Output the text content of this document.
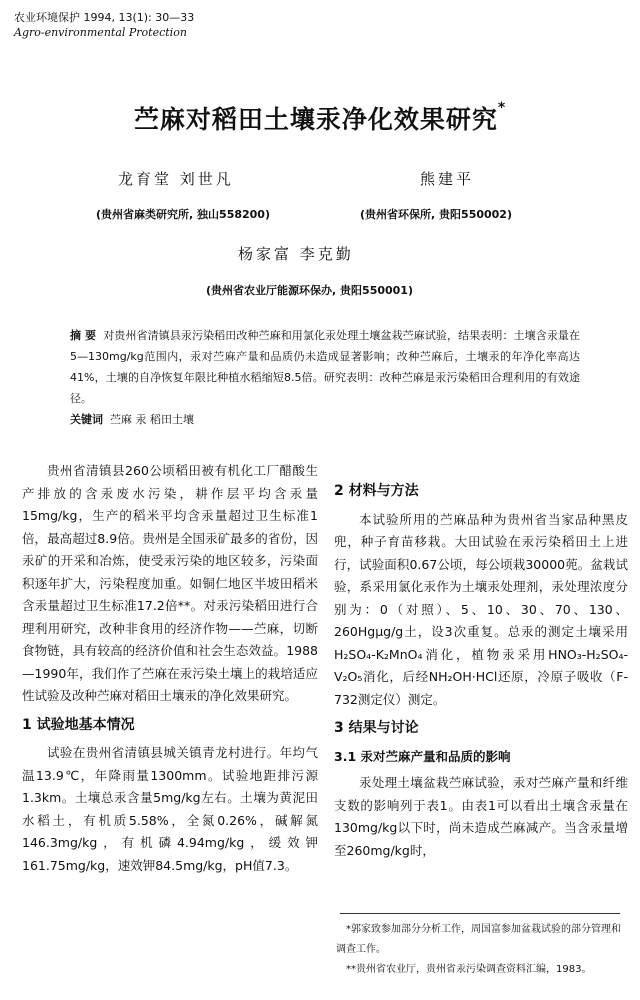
农业环境保护 1994, 13(1): 30—33
Agro-environmental Protection
苎麻对稻田土壤汞净化效果研究*
龙育堂 刘世凡
(贵州省麻类研究所, 独山558200)
熊建平
(贵州省环保所, 贵阳550002)
杨家富 李克勤
(贵州省农业厅能源环保办, 贵阳550001)
摘 要 对贵州省清镇县汞污染稻田改种苎麻和用氯化汞处理土壤盆栽苎麻试验，结果表明：土壤含汞量在5—130mg/kg范围内，汞对苎麻产量和品质仍未造成显著影响；改种苎麻后，土壤汞的年净化率高达41%，土壤的自净恢复年限比种植水稻缩短8.5倍。研究表明：改种苎麻是汞污染稻田合理利用的有效途径。
关键词 苎麻 汞 稻田土壤

贵州省清镇县260公顷稻田被有机化工厂醋酸生产排放的含汞废水污染，耕作层平均含汞量15mg/kg，生产的稻米平均含汞量超过卫生标准1倍，最高超过8.9倍。贵州是全国汞矿最多的省份，因汞矿的开采和冶炼，使受汞污染的地区较多，污染面积逐年扩大，污染程度加重。如铜仁地区半坡田稻米含汞量超过卫生标准17.2倍**。对汞污染稻田进行合理利用研究，改种非食用的经济作物——苎麻，切断食物链，具有较高的经济价值和社会生态效益。1988—1990年，我们作了苎麻在汞污染土壤上的栽培适应性试验及改种苎麻对稻田土壤汞的净化效果研究。

1 试验地基本情况

试验在贵州省清镇县城关镇青龙村进行。年均气温13.9℃，年降雨量1300mm。试验地距排污源1.3km。土壤总汞含量5mg/kg左右。土壤为黄泥田水稻土，有机质5.58%，全氮0.26%，碱解氮146.3mg/kg，有机磷4.94mg/kg，缓效钾161.75mg/kg，速效钾84.5mg/kg，pH值7.3。

2 材料与方法

本试验所用的苎麻品种为贵州省当家品种黑皮兜，种子育苗移栽。大田试验在汞污染稻田土上进行，试验面积0.67公顷，每公顷栽30000蔸。盆栽试验，系采用氯化汞作为土壤汞处理剂，汞处理浓度分别为：0（对照）、5、10、30、70、130、260Hgμg/g土，设3次重复。总汞的测定土壤采用H₂SO₄-K₂MnO₄消化，植物汞采用HNO₃-H₂SO₄-V₂O₅消化，后经NH₂OH·HCl还原，冷原子吸收（F-732测定仪）测定。

3 结果与讨论
3.1 汞对苎麻产量和品质的影响

汞处理土壤盆栽苎麻试验，汞对苎麻产量和纤维支数的影响列于表1。由表1可以看出土壤含汞量在130mg/kg以下时，尚未造成苎麻减产。当含汞量增至260mg/kg时，

*郭家致参加部分分析工作，周国富参加盆栽试验的部分管理和调查工作。

**贵州省农业厅，贵州省汞污染调查资料汇编，1983。
